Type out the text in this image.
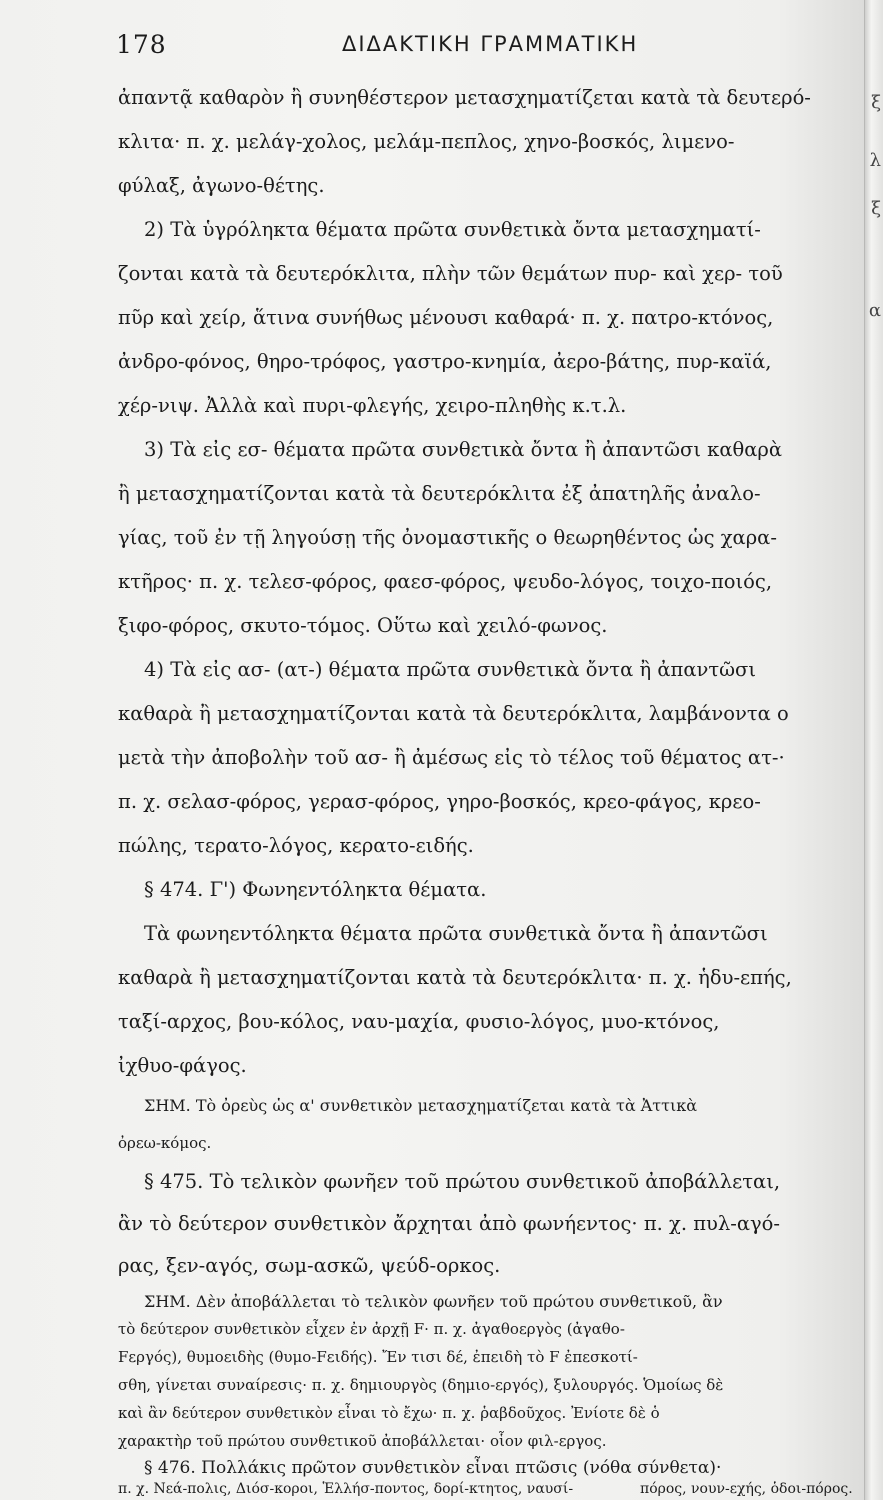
ξ
λ
ξ
α
178	ΔΙΔΑΚΤΙΚΗ ΓΡΑΜΜΑΤΙΚΗ
ἀπαντᾷ καθαρὸν ἢ συνηθέστερον μετασχηματίζεται κατὰ τὰ δευτερό-
κλιτα· π. χ. μελάγ-χολος, μελάμ-πεπλος, χηνο-βοσκός, λιμενο-
φύλαξ, ἀγωνο-θέτης.
2) Τὰ ὑγρόληκτα θέματα πρῶτα συνθετικὰ ὄντα μετασχηματί-
ζονται κατὰ τὰ δευτερόκλιτα, πλὴν τῶν θεμάτων πυρ- καὶ χερ- τοῦ
πῦρ καὶ χείρ, ἅτινα συνήθως μένουσι καθαρά· π. χ. πατρο-κτόνος,
ἀνδρο-φόνος, θηρο-τρόφος, γαστρο-κνημία, ἀερο-βάτης, πυρ-καϊά,
χέρ-νιψ. Ἀλλὰ καὶ πυρι-φλεγής, χειρο-πληθὴς κ.τ.λ.
3) Τὰ εἰς εσ- θέματα πρῶτα συνθετικὰ ὄντα ἢ ἀπαντῶσι καθαρὰ
ἢ μετασχηματίζονται κατὰ τὰ δευτερόκλιτα ἐξ ἀπατηλῆς ἀναλο-
γίας, τοῦ ἐν τῇ ληγούσῃ τῆς ὀνομαστικῆς ο θεωρηθέντος ὡς χαρα-
κτῆρος· π. χ. τελεσ-φόρος, φαεσ-φόρος, ψευδο-λόγος, τοιχο-ποιός,
ξιφο-φόρος, σκυτο-τόμος. Οὕτω καὶ χειλό-φωνος.
4) Τὰ εἰς ασ- (ατ-) θέματα πρῶτα συνθετικὰ ὄντα ἢ ἀπαντῶσι
καθαρὰ ἢ μετασχηματίζονται κατὰ τὰ δευτερόκλιτα, λαμβάνοντα ο
μετὰ τὴν ἀποβολὴν τοῦ ασ- ἢ ἀμέσως εἰς τὸ τέλος τοῦ θέματος ατ-·
π. χ. σελασ-φόρος, γερασ-φόρος, γηρο-βοσκός, κρεο-φάγος, κρεο-
πώλης, τερατο-λόγος, κερατο-ειδής.
§ 474. Γ') Φωνηεντόληκτα θέματα.
Τὰ φωνηεντόληκτα θέματα πρῶτα συνθετικὰ ὄντα ἢ ἀπαντῶσι
καθαρὰ ἢ μετασχηματίζονται κατὰ τὰ δευτερόκλιτα· π. χ. ἡδυ-επής,
ταξί-αρχος, βου-κόλος, ναυ-μαχία, φυσιο-λόγος, μυο-κτόνος,
ἰχθυο-φάγος.
ΣΗΜ. Τὸ ὀρεὺς ὡς α' συνθετικὸν μετασχηματίζεται κατὰ τὰ Ἀττικὰ
ὀρεω-κόμος.
§ 475. Τὸ τελικὸν φωνῆεν τοῦ πρώτου συνθετικοῦ ἀποβάλλεται,
ἂν τὸ δεύτερον συνθετικὸν ἄρχηται ἀπὸ φωνήεντος· π. χ. πυλ-αγό-
ρας, ξεν-αγός, σωμ-ασκῶ, ψεύδ-ορκος.
ΣΗΜ. Δὲν ἀποβάλλεται τὸ τελικὸν φωνῆεν τοῦ πρώτου συνθετικοῦ, ἂν
τὸ δεύτερον συνθετικὸν εἶχεν ἐν ἀρχῇ F· π. χ. ἀγαθοεργὸς (ἀγαθο-
Fεργός), θυμοειδὴς (θυμο-Fειδής). Ἔν τισι δέ, ἐπειδὴ τὸ F ἐπεσκοτί-
σθη, γίνεται συναίρεσις· π. χ. δημιουργὸς (δημιο-εργός), ξυλουργός. Ὁμοίως δὲ
καὶ ἂν δεύτερον συνθετικὸν εἶναι τὸ ἔχω· π. χ. ῥαβδοῦχος. Ἐνίοτε δὲ ὁ
χαρακτὴρ τοῦ πρώτου συνθετικοῦ ἀποβάλλεται· οἷον φιλ-εργος.
§ 476. Πολλάκις πρῶτον συνθετικὸν εἶναι πτῶσις (νόθα σύνθετα)·
π. χ. Νεά-πολις, Διόσ-κοροι, Ἑλλήσ-ποντος, δορί-κτητος, ναυσί-	πόρος, νουν-εχής, ὁδοι-πόρος.
